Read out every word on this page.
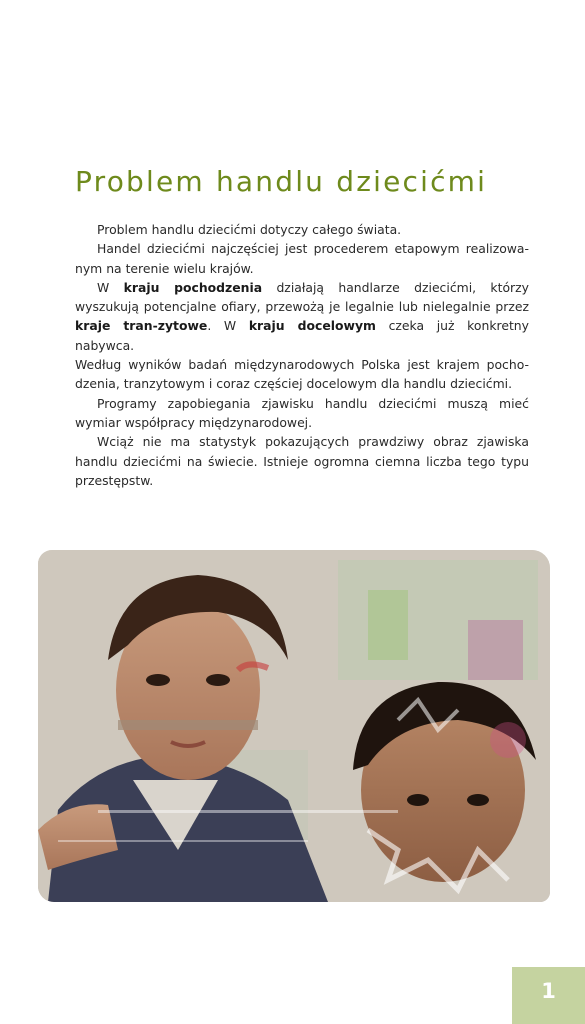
Problem handlu dziecićmi

Problem handlu dziecićmi dotyczy całego świata.

Handel dziecićmi najczęściej jest procederem etapowym realizowa-nym na terenie wielu krajów.

W kraju pochodzenia działają handlarze dziecićmi, którzy wyszukują potencjalne ofiary, przewożą je legalnie lub nielegalnie przez kraje tran-zytowe. W kraju docelowym czeka już konkretny nabywca.

Według wyników badań międzynarodowych Polska jest krajem pocho-dzenia, tranzytowym i coraz częściej docelowym dla handlu dziecićmi.

Programy zapobiegania zjawisku handlu dziecićmi muszą mieć wymiar współpracy międzynarodowej.

Wciąż nie ma statystyk pokazujących prawdziwy obraz zjawiska handlu dziecićmi na świecie. Istnieje ogromna ciemna liczba tego typu przestępstw.

1
